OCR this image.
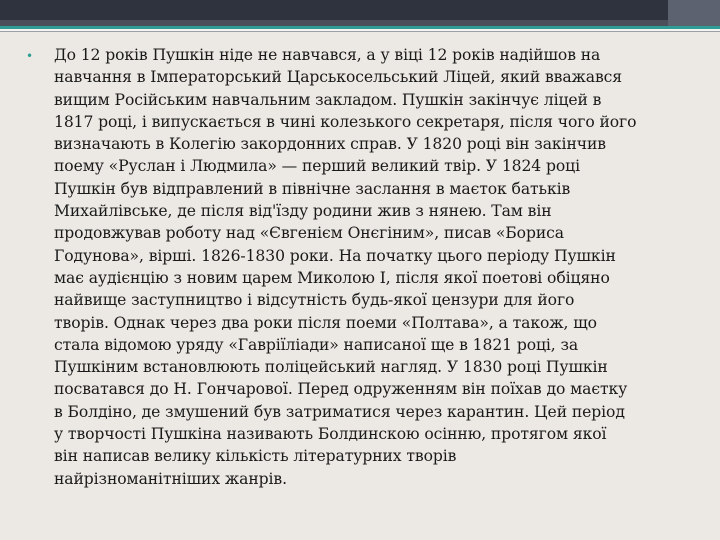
•	До 12 років Пушкін ніде не навчався, а у віці 12 років надійшов на
навчання в Імператорський Царськосельський Ліцей, який вважався
вищим Російським навчальним закладом. Пушкін закінчує ліцей в
1817 році, і випускається в чині колезького секретаря, після чого його
визначають в Колегію закордонних справ. У 1820 році він закінчив
поему «Руслан і Людмила» — перший великий твір. У 1824 році
Пушкін був відправлений в північне заслання в маєток батьків
Михайлівське, де після від'їзду родини жив з нянею. Там він
продовжував роботу над «Євгенієм Онєгіним», писав «Бориса
Годунова», вірші. 1826-1830 роки. На початку цього періоду Пушкін
має аудієнцію з новим царем Миколою I, після якої поетові обіцяно
найвище заступництво і відсутність будь-якої цензури для його
творів. Однак через два роки після поеми «Полтава», а також, що
стала відомою уряду «Гавріїліади» написаної ще в 1821 році, за
Пушкіним встановлюють поліцейський нагляд. У 1830 році Пушкін
посватався до Н. Гончарової. Перед одруженням він поїхав до маєтку
в Болдіно, де змушений був затриматися через карантин. Цей період
у творчості Пушкіна називають Болдинскою осінню, протягом якої
він написав велику кількість літературних творів
найрізноманітніших жанрів.
